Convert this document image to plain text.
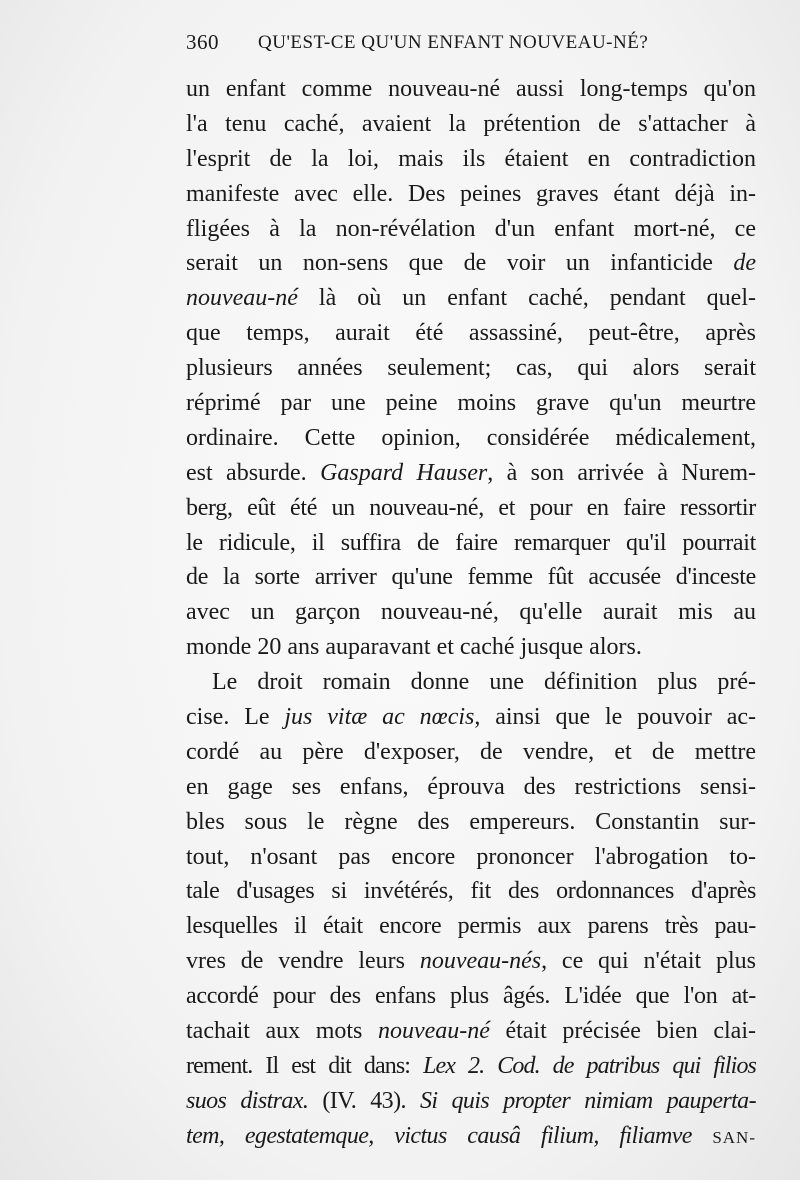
360 QU'EST-CE QU'UN ENFANT NOUVEAU-NÉ?
un enfant comme nouveau-né aussi long-temps qu'on
l'a tenu caché, avaient la prétention de s'attacher à
l'esprit de la loi, mais ils étaient en contradiction
manifeste avec elle. Des peines graves étant déjà in-
fligées à la non-révélation d'un enfant mort-né, ce
serait un non-sens que de voir un infanticide de
nouveau-né là où un enfant caché, pendant quel-
que temps, aurait été assassiné, peut-être, après
plusieurs années seulement; cas, qui alors serait
réprimé par une peine moins grave qu'un meurtre
ordinaire. Cette opinion, considérée médicalement,
est absurde. Gaspard Hauser, à son arrivée à Nurem-
berg, eût été un nouveau-né, et pour en faire ressortir
le ridicule, il suffira de faire remarquer qu'il pourrait
de la sorte arriver qu'une femme fût accusée d'inceste
avec un garçon nouveau-né, qu'elle aurait mis au
monde 20 ans auparavant et caché jusque alors.
Le droit romain donne une définition plus pré-
cise. Le jus vitæ ac nœcis, ainsi que le pouvoir ac-
cordé au père d'exposer, de vendre, et de mettre
en gage ses enfans, éprouva des restrictions sensi-
bles sous le règne des empereurs. Constantin sur-
tout, n'osant pas encore prononcer l'abrogation to-
tale d'usages si invétérés, fit des ordonnances d'après
lesquelles il était encore permis aux parens très pau-
vres de vendre leurs nouveau-nés, ce qui n'était plus
accordé pour des enfans plus âgés. L'idée que l'on at-
tachait aux mots nouveau-né était précisée bien clai-
rement. Il est dit dans: Lex 2. Cod. de patribus qui filios
suos distrax. (IV. 43). Si quis propter nimiam pauperta-
tem, egestatemque, victus causâ filium, filiamve SAN-
